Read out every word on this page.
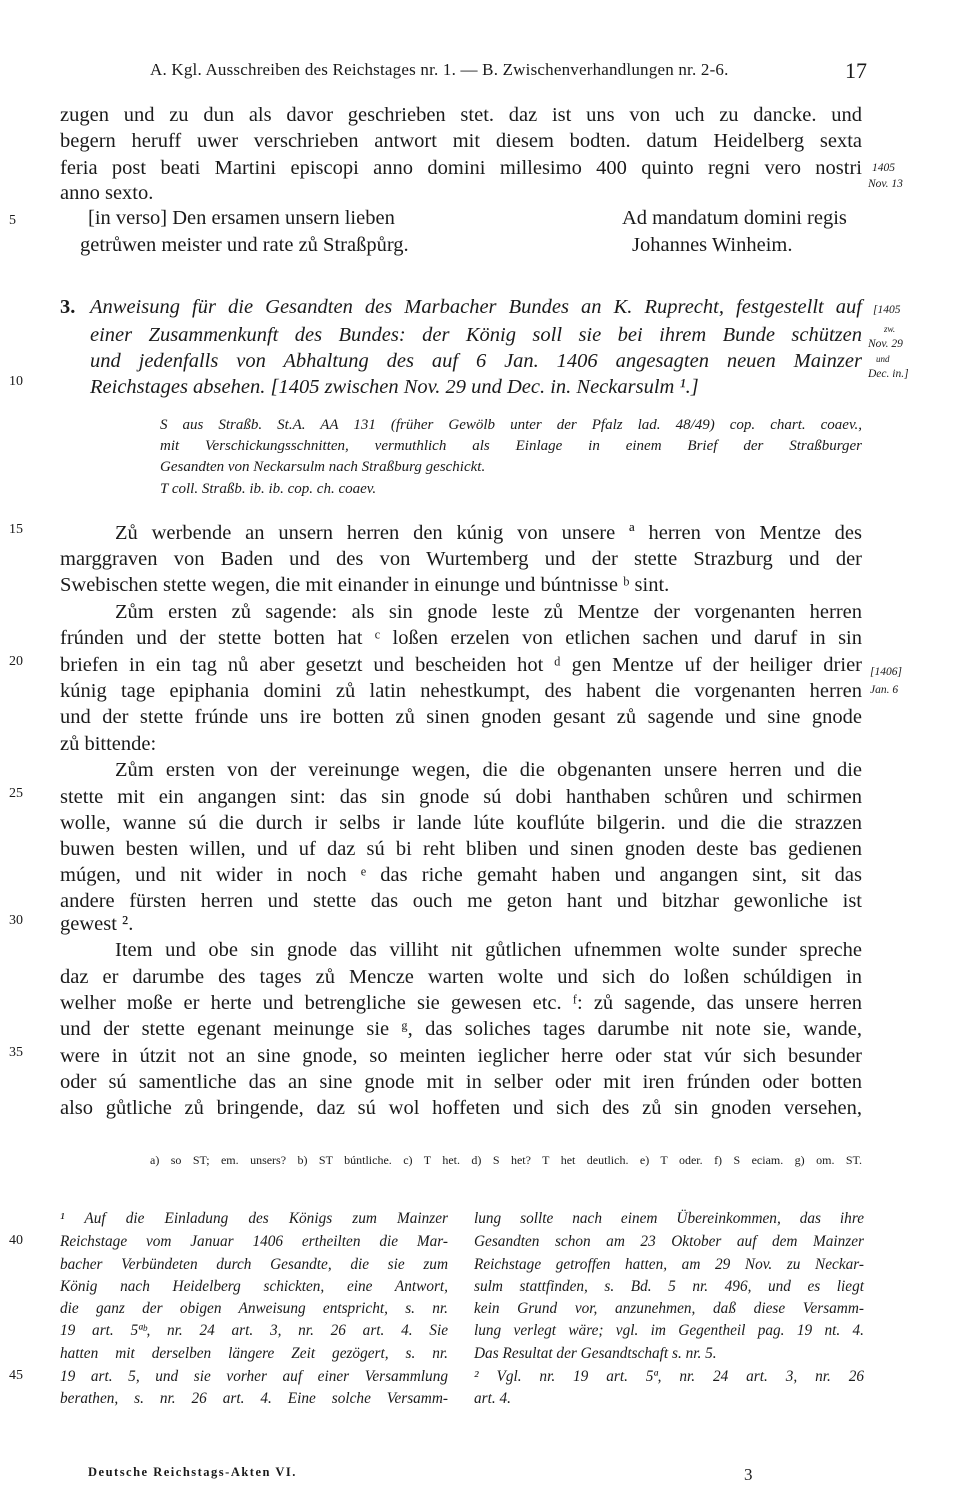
A. Kgl. Ausschreiben des Reichstages nr. 1. — B. Zwischenverhandlungen nr. 2-6.	17
zugen und zu dun als davor geschrieben stet. daz ist uns von uch zu dancke. und
begern heruff uwer verschrieben antwort mit diesem bodten. datum Heidelberg sexta
feria post beati Martini episcopi anno domini millesimo 400 quinto regni vero nostri
anno sexto.
[in verso] Den ersamen unsern lieben	Ad mandatum domini regis
getrůwen meister und rate zů Straßpůrg.	Johannes Winheim.
1405
Nov. 13
[1405
zw.
Nov. 29
und
Dec. in.]
[1406]
Jan. 6
5
10
15
20
25
30
35
40
45
3. Anweisung für die Gesandten des Marbacher Bundes an K. Ruprecht, festgestellt auf
einer Zusammenkunft des Bundes: der König soll sie bei ihrem Bunde schützen
und jedenfalls von Abhaltung des auf 6 Jan. 1406 angesagten neuen Mainzer
Reichstages absehen. [1405 zwischen Nov. 29 und Dec. in. Neckarsulm ¹.]
S aus Straßb. St.A. AA 131 (früher Gewölb unter der Pfalz lad. 48/49) cop. chart. coaev.,
mit Verschickungsschnitten, vermuthlich als Einlage in einem Brief der Straßburger
Gesandten von Neckarsulm nach Straßburg geschickt.
T coll. Straßb. ib. ib. cop. ch. coaev.
Zů werbende an unsern herren den kúnig von unsere ª herren von Mentze des
marggraven von Baden und des von Wurtemberg und der stette Strazburg und der
Swebischen stette wegen, die mit einander in einunge und búntnisse ᵇ sint.
Zům ersten zů sagende: als sin gnode leste zů Mentze der vorgenanten herren
frúnden und der stette botten hat ᶜ loßen erzelen von etlichen sachen und daruf in sin
briefen in ein tag nů aber gesetzt und bescheiden hot ᵈ gen Mentze uf der heiliger drier
kúnig tage epiphania domini zů latin nehestkumpt, des habent die vorgenanten herren
und der stette frúnde uns ire botten zů sinen gnoden gesant zů sagende und sine gnode
zů bittende:
Zům ersten von der vereinunge wegen, die die obgenanten unsere herren und die
stette mit ein angangen sint: das sin gnode sú dobi hanthaben schůren und schirmen
wolle, wanne sú die durch ir selbs ir lande lúte kouflúte bilgerin. und die die strazzen
buwen besten willen, und uf daz sú bi reht bliben und sinen gnoden deste bas gedienen
múgen, und nit wider in noch ᵉ das riche gemaht haben und angangen sint, sit das
andere fürsten herren und stette das ouch me geton hant und bitzhar gewonliche ist
gewest ².
Item und obe sin gnode das villiht nit gůtlichen ufnemmen wolte sunder spreche
daz er darumbe des tages zů Mencze warten wolte und sich do loßen schúldigen in
welher moße er herte und betrengliche sie gewesen etc. ᶠ: zů sagende, das unsere herren
und der stette egenant meinunge sie ᵍ, das soliches tages darumbe nit note sie, wande,
were in útzit not an sine gnode, so meinten ieglicher herre oder stat vúr sich besunder
oder sú samentliche das an sine gnode mit in selber oder mit iren frúnden oder botten
also gůtliche zů bringende, daz sú wol hoffeten und sich des zů sin gnoden versehen,
a) so ST; em. unsers? b) ST búntliche. c) T het. d) S het? T het deutlich. e) T oder. f) S eciam. g) om. ST.
¹ Auf die Einladung des Königs zum Mainzer
Reichstage vom Januar 1406 ertheilten die Mar-
bacher Verbündeten durch Gesandte, die sie zum
König nach Heidelberg schickten, eine Antwort,
die ganz der obigen Anweisung entspricht, s. nr.
19 art. 5ªᵇ, nr. 24 art. 3, nr. 26 art. 4. Sie
hatten mit derselben längere Zeit gezögert, s. nr.
19 art. 5, und sie vorher auf einer Versammlung
berathen, s. nr. 26 art. 4. Eine solche Versamm-
lung sollte nach einem Übereinkommen, das ihre
Gesandten schon am 23 Oktober auf dem Mainzer
Reichstage getroffen hatten, am 29 Nov. zu Neckar-
sulm stattfinden, s. Bd. 5 nr. 496, und es liegt
kein Grund vor, anzunehmen, daß diese Versamm-
lung verlegt wäre; vgl. im Gegentheil pag. 19 nt. 4.
Das Resultat der Gesandtschaft s. nr. 5.
² Vgl. nr. 19 art. 5ª, nr. 24 art. 3, nr. 26
art. 4.
Deutsche Reichstags-Akten VI.	3
